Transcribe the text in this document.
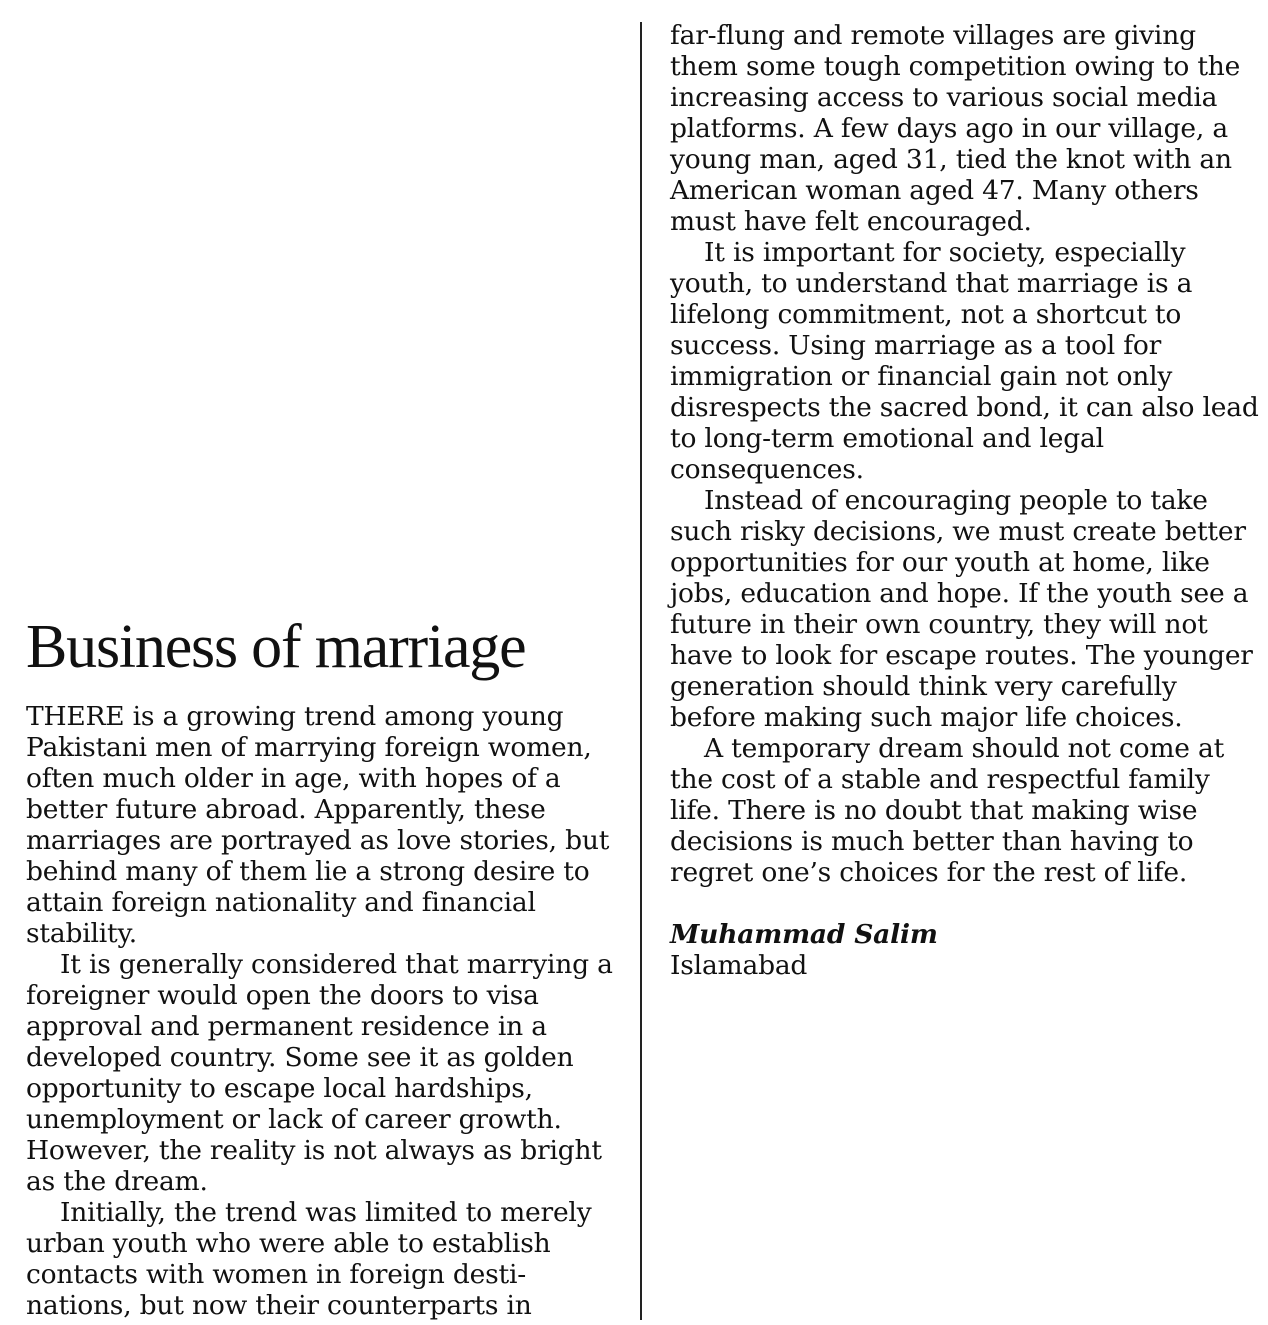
Business of marriage

THERE is a growing trend among young Pakistani men of marrying foreign women, often much older in age, with hopes of a better future abroad. Apparently, these marriages are portrayed as love stories, but behind many of them lie a strong desire to attain foreign nationality and financial stability.

It is generally considered that marrying a foreigner would open the doors to visa approval and permanent residence in a developed country. Some see it as golden opportunity to escape local hardships, unemployment or lack of career growth. However, the reality is not always as bright as the dream.

Initially, the trend was limited to merely urban youth who were able to establish contacts with women in foreign desti-nations, but now their counterparts in

far-flung and remote villages are giving them some tough competition owing to the increasing access to various social media platforms. A few days ago in our village, a young man, aged 31, tied the knot with an American woman aged 47. Many others must have felt encouraged.

It is important for society, especially youth, to understand that marriage is a lifelong commitment, not a shortcut to success. Using marriage as a tool for immigration or financial gain not only disrespects the sacred bond, it can also lead to long-term emotional and legal consequences.

Instead of encouraging people to take such risky decisions, we must create better opportunities for our youth at home, like jobs, education and hope. If the youth see a future in their own country, they will not have to look for escape routes. The younger generation should think very carefully before making such major life choices.

A temporary dream should not come at the cost of a stable and respectful family life. There is no doubt that making wise decisions is much better than having to regret one’s choices for the rest of life.

Muhammad Salim
Islamabad
